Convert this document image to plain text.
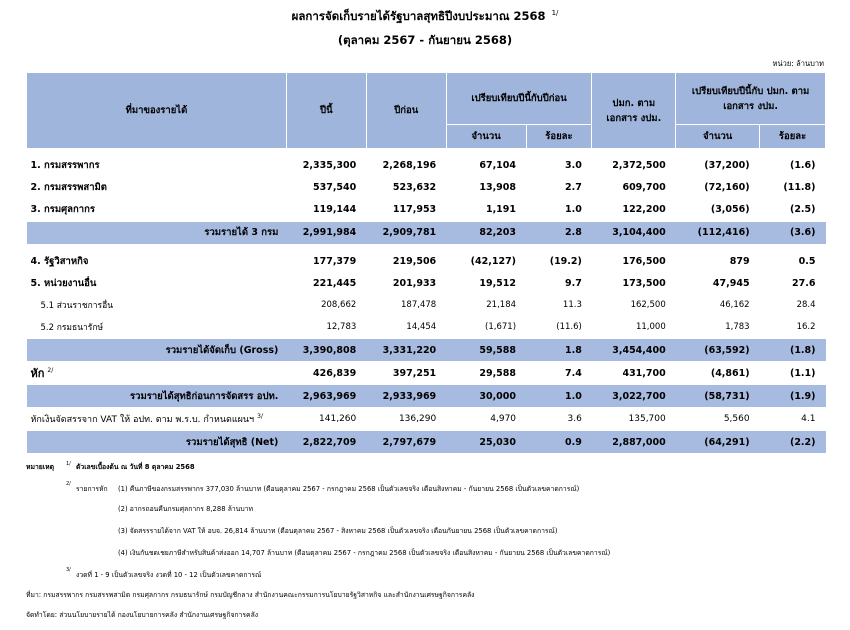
ผลการจัดเก็บรายได้รัฐบาลสุทธิปีงบประมาณ 2568 $^{1/}$
(ตุลาคม 2567 - กันยายน 2568)
หน่วย: ล้านบาท
ที่มาของรายได้	ปีนี้	ปีก่อน	เปรียบเทียบปีนี้กับปีก่อน		ปมก. ตาม เอกสาร งปม.	เปรียบเทียบปีนี้กับ ปมก. ตามเอกสาร งปม.	
			จำนวน	ร้อยละ		จำนวน	ร้อยละ

1. กรมสรรพากร	2,335,300	2,268,196	67,104	3.0	2,372,500	(37,200)	(1.6)
2. กรมสรรพสามิต	537,540	523,632	13,908	2.7	609,700	(72,160)	(11.8)
3. กรมศุลกากร	119,144	117,953	1,191	1.0	122,200	(3,056)	(2.5)
รวมรายได้ 3 กรม	2,991,984	2,909,781	82,203	2.8	3,104,400	(112,416)	(3.6)

4. รัฐวิสาหกิจ	177,379	219,506	(42,127)	(19.2)	176,500	879	0.5
5. หน่วยงานอื่น	221,445	201,933	19,512	9.7	173,500	47,945	27.6
5.1 ส่วนราชการอื่น	208,662	187,478	21,184	11.3	162,500	46,162	28.4
5.2 กรมธนารักษ์	12,783	14,454	(1,671)	(11.6)	11,000	1,783	16.2
รวมรายได้จัดเก็บ (Gross)	3,390,808	3,331,220	59,588	1.8	3,454,400	(63,592)	(1.8)
หัก $^{2/}$	426,839	397,251	29,588	7.4	431,700	(4,861)	(1.1)
รวมรายได้สุทธิก่อนการจัดสรร อปท.	2,963,969	2,933,969	30,000	1.0	3,022,700	(58,731)	(1.9)
หักเงินจัดสรรจาก VAT ให้ อปท. ตาม พ.ร.บ. กำหนดแผนฯ $^{3/}$	141,260	136,290	4,970	3.6	135,700	5,560	4.1
รวมรายได้สุทธิ (Net)	2,822,709	2,797,679	25,030	0.9	2,887,000	(64,291)	(2.2)
หมายเหตุ 1/ ตัวเลขเบื้องต้น ณ วันที่ 8 ตุลาคม 2568
2/
รายการหัก (1) คืนภาษีของกรมสรรพากร 377,030 ล้านบาท (ตือนตุลาคม 2567 - กรกฎาคม 2568 เป็นตัวเลขจริง เดือนสิงหาคม - กันยายน 2568 เป็นตัวเลขคาดการณ์)
(2) อากรถอนคืนกรมศุลกากร 8,288 ล้านบาท
(3) จัดสรรรายได้จาก VAT ให้ อบจ. 26,814 ล้านบาท (ตือนตุลาคม 2567 - สิงหาคม 2568 เป็นตัวเลขจริง เดือนกันยายน 2568 เป็นตัวเลขคาดการณ์)
(4) เงินกันชดเชยภาษีสำหรับสินค้าส่งออก 14,707 ล้านบาท (ตือนตุลาคม 2567 - กรกฎาคม 2568 เป็นตัวเลขจริง เดือนสิงหาคม - กันยายน 2568 เป็นตัวเลขคาดการณ์)
3/
งวดที่ 1 - 9 เป็นตัวเลขจริง งวดที่ 10 - 12 เป็นตัวเลขคาดการณ์
ที่มา: กรมสรรพากร กรมสรรพสามิต กรมศุลกากร กรมธนารักษ์ กรมบัญชีกลาง สำนักงานคณะกรรมการนโยบายรัฐวิสาหกิจ และสำนักงานเศรษฐกิจการคลัง
จัดทำโดย: ส่วนนโยบายรายได้ กองนโยบายการคลัง สำนักงานเศรษฐกิจการคลัง
